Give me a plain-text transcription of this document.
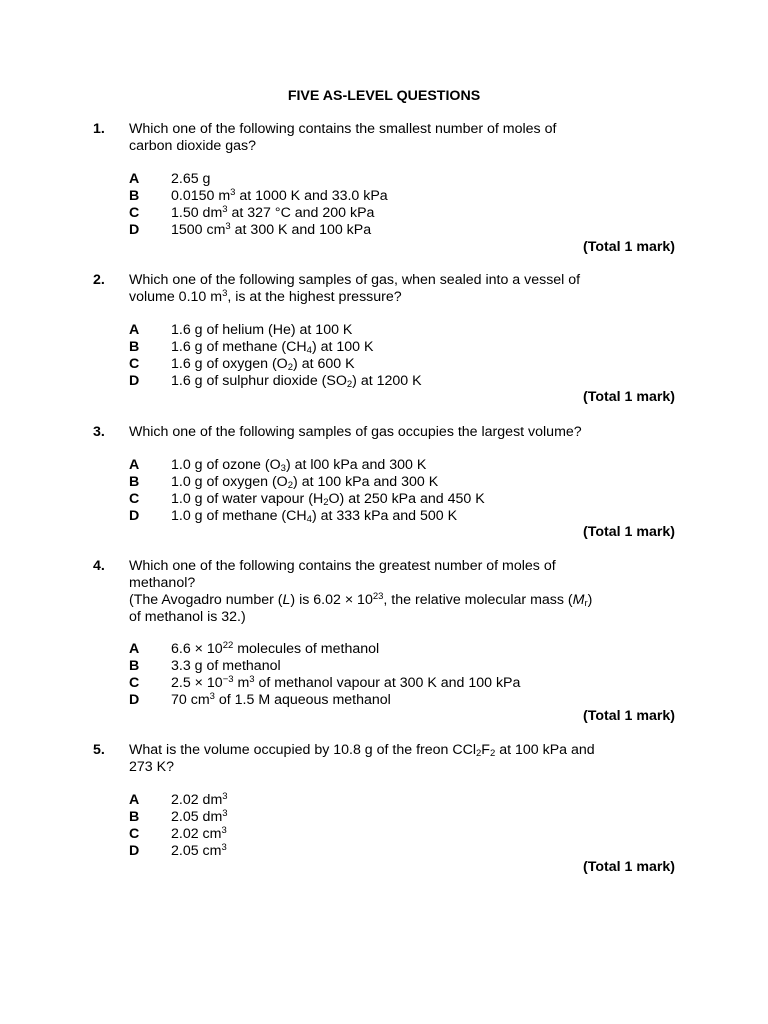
FIVE AS-LEVEL QUESTIONS
1. Which one of the following contains the smallest number of moles of
carbon dioxide gas?
A 2.65 g
B 0.0150 $m^3$ at 1000 K and 33.0 kPa
C 1.50 $dm^3$ at 327 °C and 200 kPa
D 1500 $cm^3$ at 300 K and 100 kPa
(Total 1 mark)
2. Which one of the following samples of gas, when sealed into a vessel of
volume 0.10 $m^3$, is at the highest pressure?
A 1.6 g of helium (He) at 100 K
B 1.6 g of methane $(CH_4)$ at 100 K
C 1.6 g of oxygen $(O_2)$ at 600 K
D 1.6 g of sulphur dioxide $(SO_2)$ at 1200 K
(Total 1 mark)
3. Which one of the following samples of gas occupies the largest volume?
A 1.0 g of ozone $(O_3)$ at l00 kPa and 300 K
B 1.0 g of oxygen $(O_2)$ at 100 kPa and 300 K
C 1.0 g of water vapour $(H_2O)$ at 250 kPa and 450 K
D 1.0 g of methane $(CH_4)$ at 333 kPa and 500 K
(Total 1 mark)
4. Which one of the following contains the greatest number of moles of
methanol?
(The Avogadro number (L) is $6.02 \times 10^{23}$, the relative molecular mass $(M_r)$
of methanol is 32.)
A $6.6 \times 10^{22}$ molecules of methanol
B 3.3 g of methanol
C $2.5 \times 10^{-3}$ $m^3$ of methanol vapour at 300 K and 100 kPa
D 70 $cm^3$ of 1.5 M aqueous methanol
(Total 1 mark)
5. What is the volume occupied by 10.8 g of the freon $CCl_2F_2$ at 100 kPa and
273 K?
A 2.02 $dm^3$
B 2.05 $dm^3$
C 2.02 $cm^3$
D 2.05 $cm^3$
(Total 1 mark)
